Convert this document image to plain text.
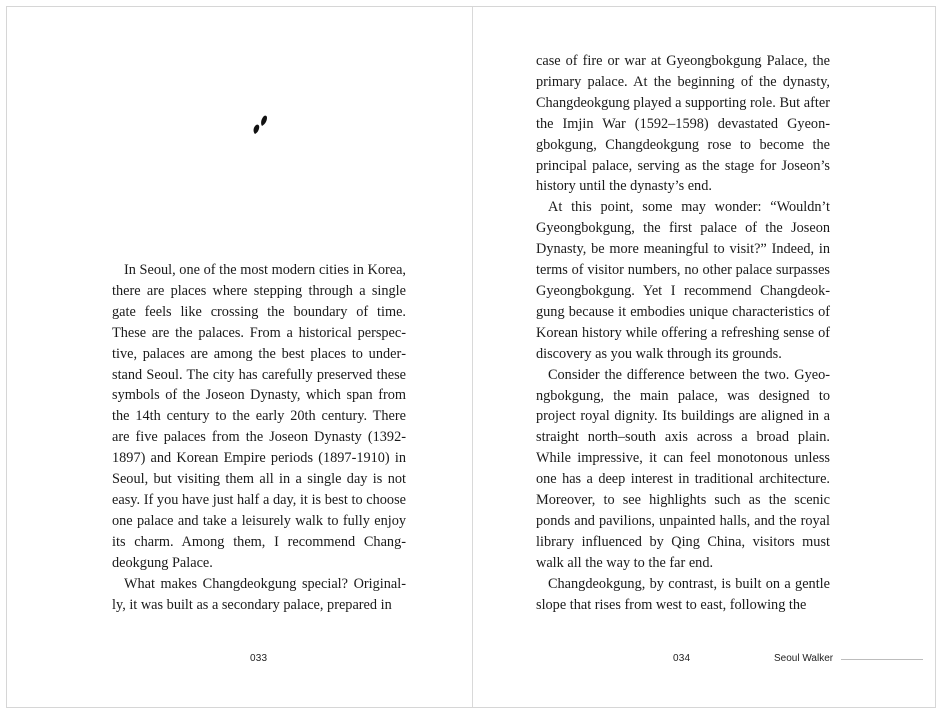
In Seoul, one of the most modern cities in Korea, there are places where stepping through a single gate feels like crossing the boundary of time. These are the palaces. From a historical perspective, palaces are among the best places to understand Seoul. The city has carefully preserved these symbols of the Joseon Dynasty, which span from the 14th century to the early 20th century. There are five palaces from the Joseon Dynasty (1392-1897) and Korean Empire periods (1897-1910) in Seoul, but visiting them all in a single day is not easy. If you have just half a day, it is best to choose one palace and take a leisurely walk to fully enjoy its charm. Among them, I recommend Changdeokgung Palace.

What makes Changdeokgung special? Originally, it was built as a secondary palace, prepared in

033

case of fire or war at Gyeongbokgung Palace, the primary palace. At the beginning of the dynasty, Changdeokgung played a supporting role. But after the Imjin War (1592–1598) devastated Gyeongbokgung, Changdeokgung rose to become the principal palace, serving as the stage for Joseon’s history until the dynasty’s end.

At this point, some may wonder: “Wouldn’t Gyeongbokgung, the first palace of the Joseon Dynasty, be more meaningful to visit?” Indeed, in terms of visitor numbers, no other palace surpasses Gyeongbokgung. Yet I recommend Changdeokgung because it embodies unique characteristics of Korean history while offering a refreshing sense of discovery as you walk through its grounds.

Consider the difference between the two. Gyeongbokgung, the main palace, was designed to project royal dignity. Its buildings are aligned in a straight north–south axis across a broad plain. While impressive, it can feel monotonous unless one has a deep interest in traditional architecture. Moreover, to see highlights such as the scenic ponds and pavilions, unpainted halls, and the royal library influenced by Qing China, visitors must walk all the way to the far end.

Changdeokgung, by contrast, is built on a gentle slope that rises from west to east, following the

034	Seoul Walker
